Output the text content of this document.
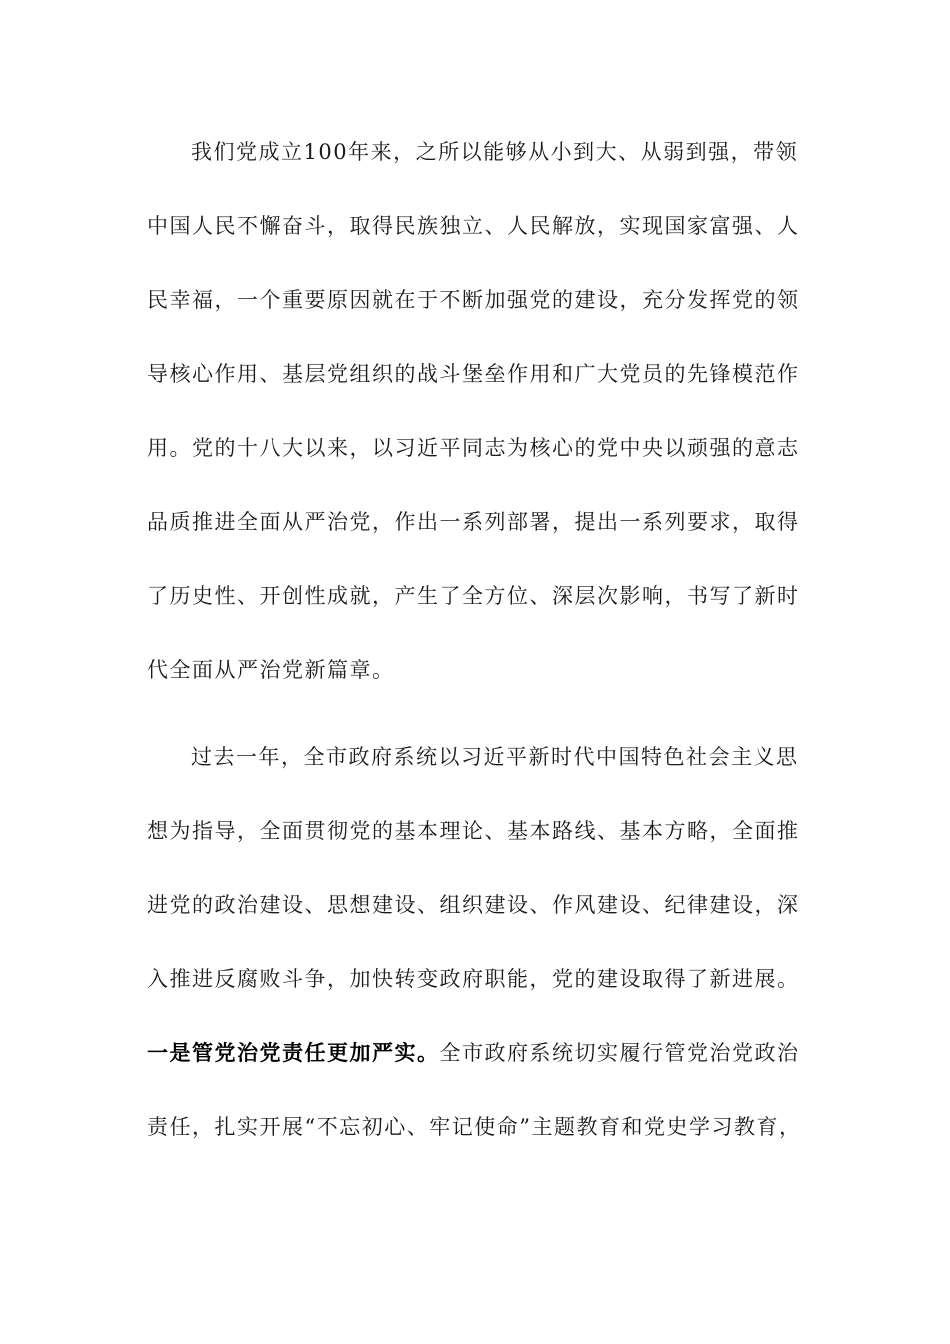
我们党成立100年来，之所以能够从小到大、从弱到强，带领
中国人民不懈奋斗，取得民族独立、人民解放，实现国家富强、人
民幸福，一个重要原因就在于不断加强党的建设，充分发挥党的领
导核心作用、基层党组织的战斗堡垒作用和广大党员的先锋模范作
用。党的十八大以来，以习近平同志为核心的党中央以顽强的意志
品质推进全面从严治党，作出一系列部署，提出一系列要求，取得
了历史性、开创性成就，产生了全方位、深层次影响，书写了新时
代全面从严治党新篇章。
过去一年，全市政府系统以习近平新时代中国特色社会主义思
想为指导，全面贯彻党的基本理论、基本路线、基本方略，全面推
进党的政治建设、思想建设、组织建设、作风建设、纪律建设，深
入推进反腐败斗争，加快转变政府职能，党的建设取得了新进展。
一是管党治党责任更加严实。全市政府系统切实履行管党治党政治
责任，扎实开展“不忘初心、牢记使命”主题教育和党史学习教育，
